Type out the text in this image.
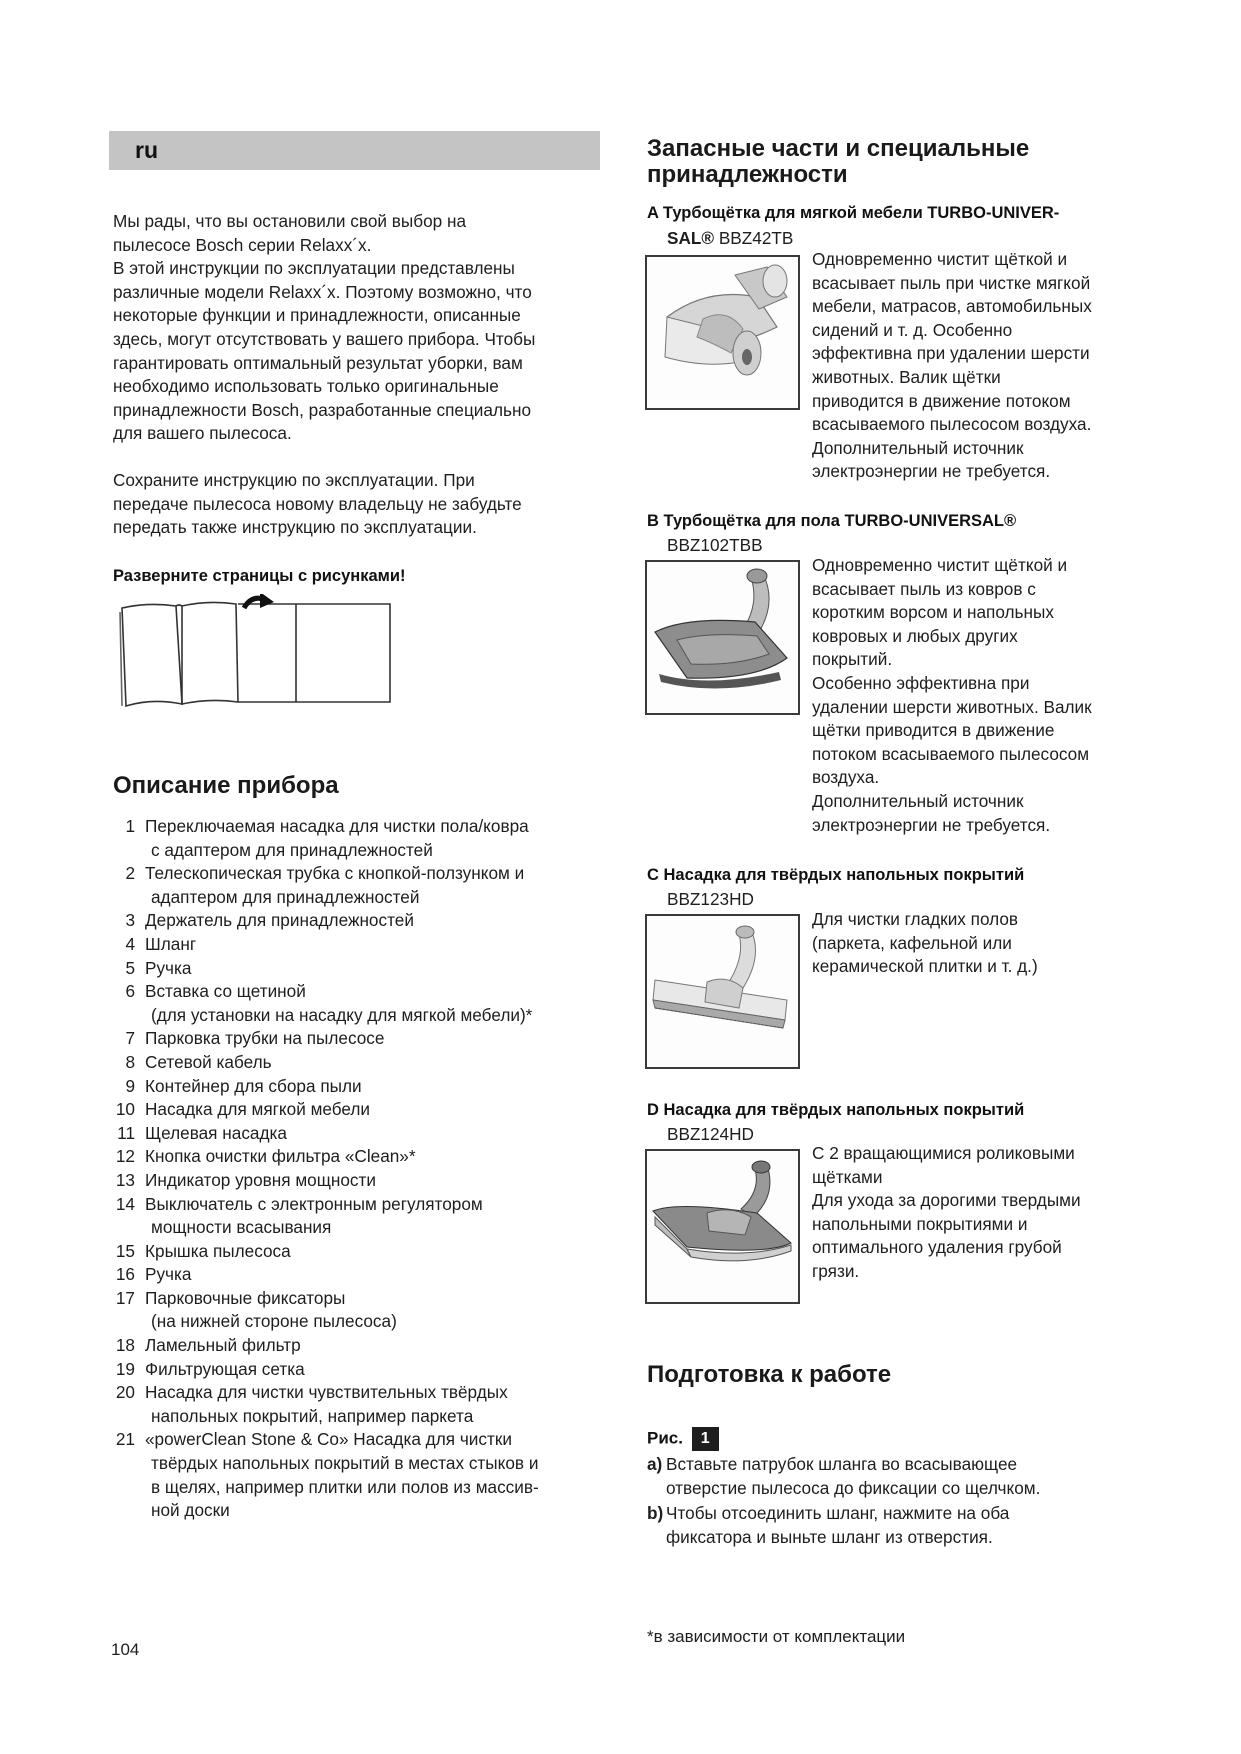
ru

Мы рады, что вы остановили свой выбор на

пылесосе Bosch серии Relaxx´x.

В этой инструкции по эксплуатации представлены

различные модели Relaxx´x. Поэтому возможно, что

некоторые функции и принадлежности, описанные

здесь, могут отсутствовать у вашего прибора. Чтобы

гарантировать оптимальный результат уборки, вам

необходимо использовать только оригинальные

принадлежности Bosch, разработанные специально

для вашего пылесоса.

Сохраните инструкцию по эксплуатации. При

передаче пылесоса новому владельцу не забудьте

передать также инструкцию по эксплуатации.

Разверните страницы с рисунками!
Описание прибора
1 Переключаемая насадка для чистки пола/ковра
с адаптером для принадлежностей
2 Телескопическая трубка с кнопкой-ползунком и
адаптером для принадлежностей
3 Держатель для принадлежностей
4 Шланг
5 Ручка
6 Вставка со щетиной
(для установки на насадку для мягкой мебели)*
7 Парковка трубки на пылесосе
8 Сетевой кабель
9 Контейнер для сбора пыли
10 Насадка для мягкой мебели
11 Щелевая насадка
12 Кнопка очистки фильтра «Clean»*
13 Индикатор уровня мощности
14 Выключатель с электронным регулятором
мощности всасывания
15 Крышка пылесоса
16 Ручка
17 Парковочные фиксаторы
(на нижней стороне пылесоса)
18 Ламельный фильтр
19 Фильтрующая сетка
20 Насадка для чистки чувствительных твёрдых
напольных покрытий, например паркета
21 «powerClean Stone & Co» Насадка для чистки
твёрдых напольных покрытий в местах стыков и
в щелях, например плитки или полов из массив-
ной доски
Запасные части и специальные
принадлежности
A Турбощётка для мягкой мебели TURBO-UNIVER-
SAL® BBZ42TB
Одновременно чистит щёткой и
всасывает пыль при чистке мягкой
мебели, матрасов, автомобильных
сидений и т. д. Особенно
эффективна при удалении шерсти
животных. Валик щётки
приводится в движение потоком
всасываемого пылесосом воздуха.
Дополнительный источник
электроэнергии не требуется.
B Турбощётка для пола TURBO-UNIVERSAL®
BBZ102TBB
Одновременно чистит щёткой и
всасывает пыль из ковров с
коротким ворсом и напольных
ковровых и любых других
покрытий.
Особенно эффективна при
удалении шерсти животных. Валик
щётки приводится в движение
потоком всасываемого пылесосом
воздуха.
Дополнительный источник
электроэнергии не требуется.
C Насадка для твёрдых напольных покрытий
BBZ123HD
Для чистки гладких полов
(паркета, кафельной или
керамической плитки и т. д.)
D Насадка для твёрдых напольных покрытий
BBZ124HD
С 2 вращающимися роликовыми
щётками
Для ухода за дорогими твердыми
напольными покрытиями и
оптимального удаления грубой
грязи.
Подготовка к работе
Рис. 1
a) Вставьте патрубок шланга во всасывающее
отверстие пылесоса до фиксации со щелчком.
b) Чтобы отсоединить шланг, нажмите на оба
фиксатора и выньте шланг из отверстия.
*в зависимости от комплектации
104
